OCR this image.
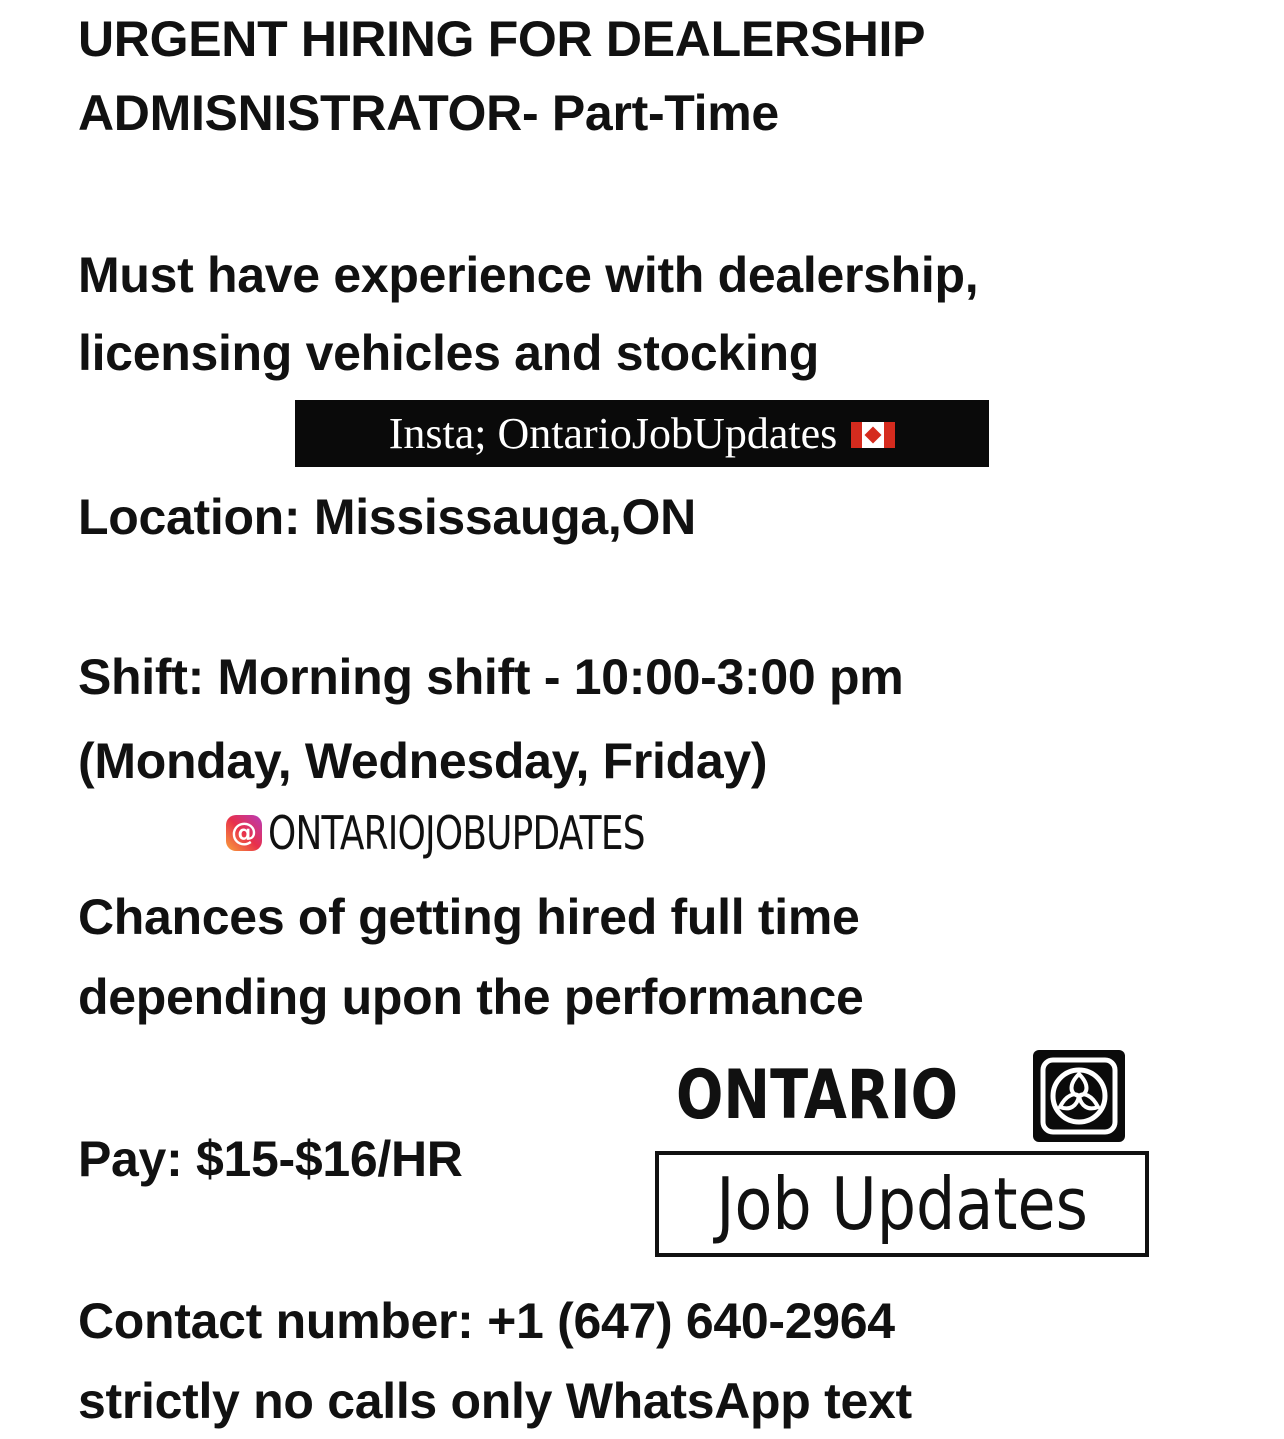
URGENT HIRING FOR DEALERSHIP
ADMISNISTRATOR- Part-Time
Must have experience with dealership,
licensing vehicles and stocking
Insta; OntarioJobUpdates
Location: Mississauga,ON
Shift: Morning shift - 10:00-3:00 pm
(Monday, Wednesday, Friday)
@
ONTARIOJOBUPDATES
Chances of getting hired full time
depending upon the performance
Pay: $15-$16/HR
ONTARIO
Job Updates
Contact number: +1 (647) 640-2964
strictly no calls only WhatsApp text
